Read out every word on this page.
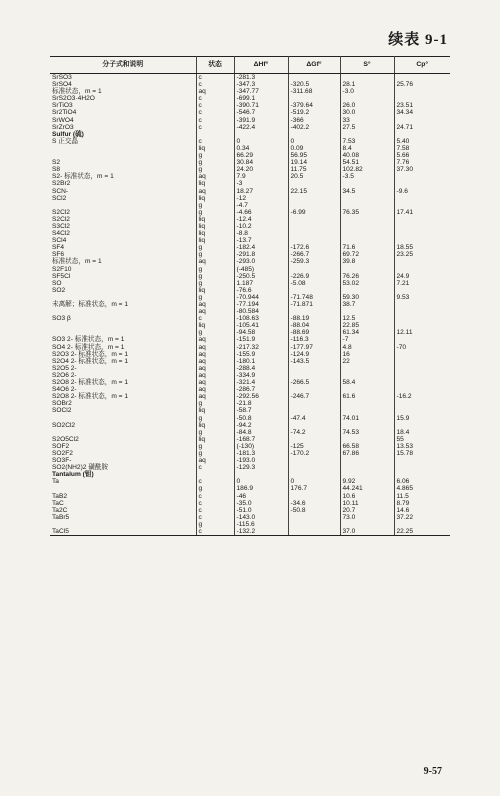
续表 9-1
分子式和说明	状态	ΔHf°	ΔGf°	S°	Cp°
SrSO3	c	-281.3			
SrSO4	c	-347.3	-320.5	28.1	25.76
标准状态，m = 1	aq	-347.77	-311.68	-3.0	
SrS2O3·4H2O	c	-699.1			
SrTiO3	c	-390.71	-379.64	26.0	23.51
Sr2TiO4	c	-546.7	-519.2	30.0	34.34
SrWO4	c	-391.9	-366	33	
SrZrO3	c	-422.4	-402.2	27.5	24.71
Sulfur (硫)					
S 正交晶	c	0	0	7.53	5.40
	liq	0.34	0.09	8.4	7.58
	g	66.29	56.95	40.08	5.66
S2	g	30.84	19.14	54.51	7.76
S8	g	24.20	11.75	102.82	37.30
S2- 标准状态，m = 1	aq	7.9	20.5	-3.5	
S2Br2	liq	-3			
SCN-	aq	18.27	22.15	34.5	-9.6
SCl2	liq	-12			
	g	-4.7			
S2Cl2	g	-4.66	-6.99	76.35	17.41
S2Cl2	liq	-12.4			
S3Cl2	liq	-10.2			
S4Cl2	liq	-8.8			
SCl4	liq	-13.7			
SF4	g	-182.4	-172.6	71.6	18.55
SF6	g	-291.8	-266.7	69.72	23.25
标准状态，m = 1	aq	-293.0	-259.3	39.8	
S2F10	g	(-485)			
SF5Cl	g	-250.5	-226.9	76.26	24.9
SO	g	1.187	-5.08	53.02	7.21
SO2	liq	-76.6			
	g	-70.944	-71.748	59.30	9.53
未离解；标准状态，m = 1	aq	-77.194	-71.871	38.7	
	aq	-80.584			
SO3 β	c	-108.63	-88.19	12.5	
	liq	-105.41	-88.04	22.85	
	g	-94.58	-88.69	61.34	12.11
SO3 2- 标准状态，m = 1	aq	-151.9	-116.3	-7	
SO4 2- 标准状态，m = 1	aq	-217.32	-177.97	4.8	-70
S2O3 2- 标准状态，m = 1	aq	-155.9	-124.9	16	
S2O4 2- 标准状态，m = 1	aq	-180.1	-143.5	22	
S2O5 2-	aq	-288.4			
S2O6 2-	aq	-334.9			
S2O8 2- 标准状态，m = 1	aq	-321.4	-266.5	58.4	
S4O6 2-	aq	-286.7			
S2O8 2- 标准状态，m = 1	aq	-292.56	-246.7	61.6	-16.2
SOBr2	g	-21.8			
SOCl2	liq	-58.7			
	g	-50.8	-47.4	74.01	15.9
SO2Cl2	liq	-94.2			
	g	-84.8	-74.2	74.53	18.4
S2O5Cl2	liq	-168.7			55
SOF2	g	(-130)	-125	66.58	13.53
SO2F2	g	-181.3	-170.2	67.86	15.78
SO3F-	aq	-193.0			
SO2(NH2)2 磺酰胺	c	-129.3			
Tantalum (钽)					
Ta	c	0	0	9.92	6.06
	g	186.9	176.7	44.241	4.865
TaB2	c	-46		10.6	11.5
TaC	c	-35.0	-34.6	10.11	8.79
Ta2C	c	-51.0	-50.8	20.7	14.6
TaBr5	c	-143.0		73.0	37.22
	g	-115.6			
TaCl5	c	-132.2		37.0	22.25
9-57
